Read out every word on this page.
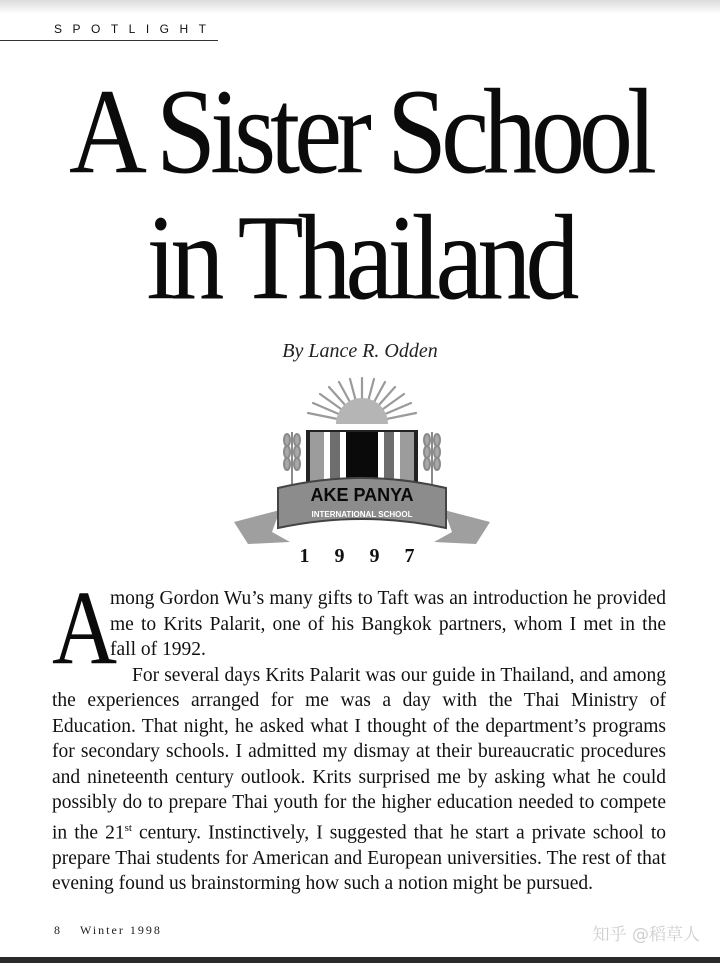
SPOTLIGHT
A Sister School
in Thailand
By Lance R. Odden
AKE PANYA
INTERNATIONAL SCHOOL
1 9 9 7

A
mong Gordon Wu’s many gifts to Taft was an introduction he provided me to Krits Palarit, one of his Bangkok partners, whom I met in the fall of 1992.

For several days Krits Palarit was our guide in Thailand, and among the experiences arranged for me was a day with the Thai Ministry of Education. That night, he asked what I thought of the department’s programs for secondary schools. I admitted my dismay at their bureaucratic procedures and nineteenth century outlook. Krits surprised me by asking what he could possibly do to prepare Thai youth for the higher education needed to compete in the 21st century. Instinctively, I suggested that he start a private school to prepare Thai students for American and European universities. The rest of that evening found us brainstorming how such a notion might be pursued.

8 Winter 1998	知乎 @稻草人
